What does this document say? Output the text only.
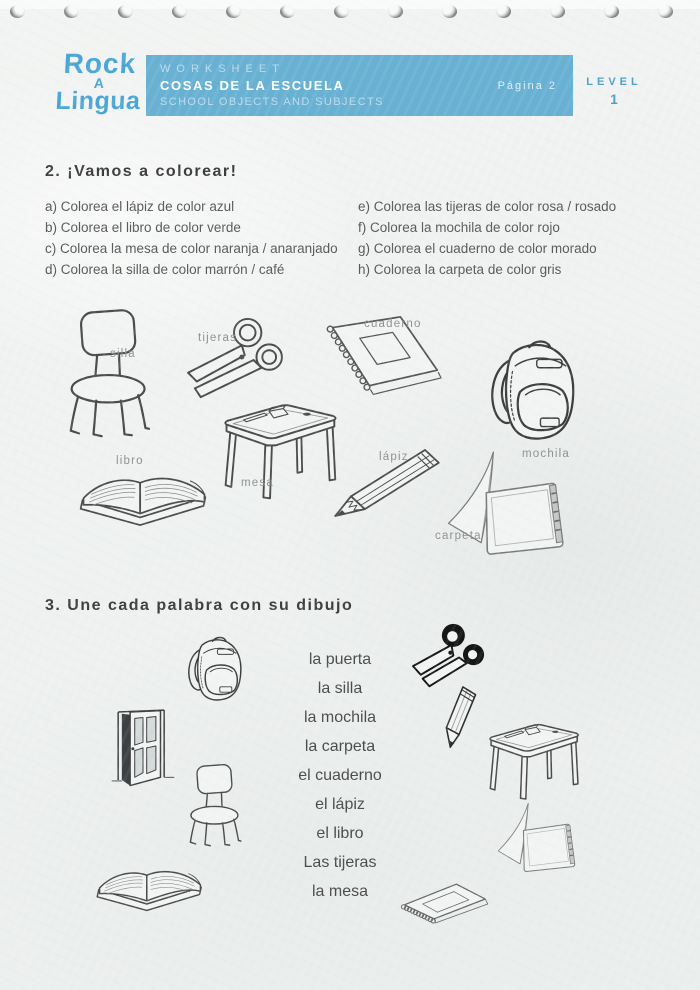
Rock
A
Lingua
WORKSHEET
COSAS DE LA ESCUELA
SCHOOL OBJECTS AND SUBJECTS
Página 2	LEVEL
1
2. ¡Vamos a colorear!
a) Colorea el lápiz de color azul
b) Colorea el libro de color verde
c) Colorea la mesa de color naranja / anaranjado
d) Colorea la silla de color marrón / café
e) Colorea las tijeras de color rosa / rosado
f) Colorea la mochila de color rojo
g) Colorea el cuaderno de color morado
h) Colorea la carpeta de color gris
silla
tijeras
cuaderno
mochila
libro
mesa
lápiz
carpeta
3. Une cada palabra con su dibujo
la puerta
la silla
la mochila
la carpeta
el cuaderno
el lápiz
el libro
Las tijeras
la mesa
